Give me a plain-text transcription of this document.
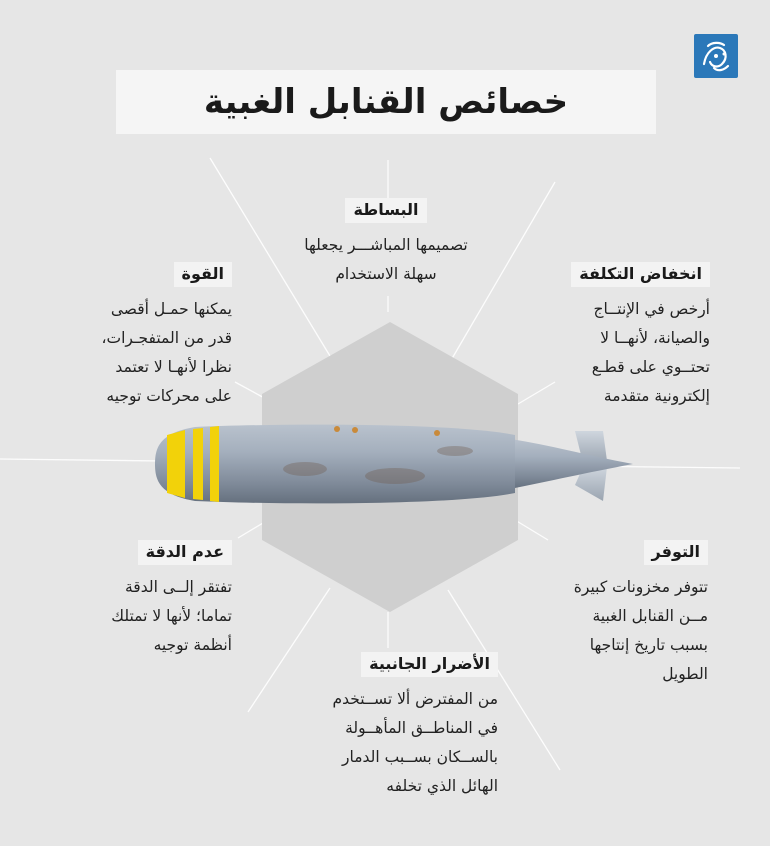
خصائص القنابل الغبية
البساطة
تصميمها المباشـــر يجعلها
سهلة الاستخدام
القوة
يمكنها حمـل أقصى
قدر من المتفجـرات،
نظرا لأنهـا لا تعتمد
على محركات توجيه
انخفاض التكلفة
أرخص في الإنتــاج
والصيانة، لأنهــا لا
تحتــوي على قطـع
إلكترونية متقدمة
عدم الدقة
تفتقر إلــى الدقة
تماما؛ لأنها لا تمتلك
أنظمة توجيه
التوفر
تتوفر مخزونات كبيرة
مــن القنابل الغبية
بسبب تاريخ إنتاجها
الطويل
الأضرار الجانبية
من المفترض ألا تســتخدم
في المناطــق المأهــولة
بالســكان بســبب الدمار
الهائل الذي تخلفه
